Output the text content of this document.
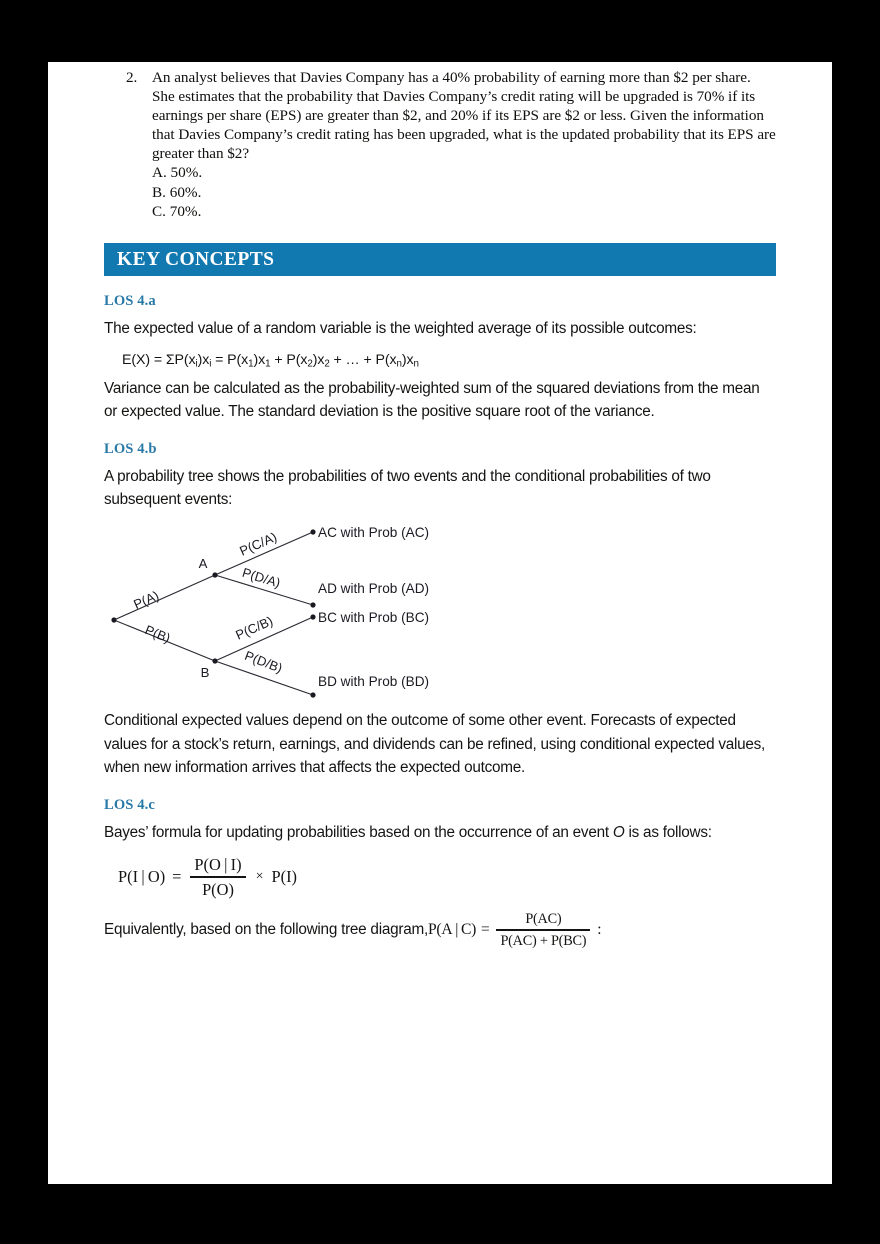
2. An analyst believes that Davies Company has a 40% probability of earning more than $2 per share. She estimates that the probability that Davies Company’s credit rating will be upgraded is 70% if its earnings per share (EPS) are greater than $2, and 20% if its EPS are $2 or less. Given the information that Davies Company’s credit rating has been upgraded, what is the updated probability that its EPS are greater than $2?
A. 50%.
B. 60%.
C. 70%.
KEY CONCEPTS
LOS 4.a
The expected value of a random variable is the weighted average of its possible outcomes:
$E(X) = \Sigma P(x_i)x_i = P(x_1)x_1 + P(x_2)x_2$ + … + $P(x_n)x_n$
Variance can be calculated as the probability-weighted sum of the squared deviations from the mean or expected value. The standard deviation is the positive square root of the variance.
LOS 4.b
A probability tree shows the probabilities of two events and the conditional probabilities of two subsequent events:
A
B
P(A)
P(B)
P(C/A)
P(D/A)
P(C/B)
P(D/B)
AC with Prob (AC)
AD with Prob (AD)
BC with Prob (BC)
BD with Prob (BD)
Conditional expected values depend on the outcome of some other event. Forecasts of expected values for a stock’s return, earnings, and dividends can be refined, using conditional expected values, when new information arrives that affects the expected outcome.
LOS 4.c
Bayes’ formula for updating probabilities based on the occurrence of an event O is as follows:
P(I | $O) = \frac{P(O | I)}{P(O)} \times P(I)$
Equivalently, based on the following tree diagram, P(A | $C) = \frac{P(AC)}{P(AC) + P(BC)}$ :
